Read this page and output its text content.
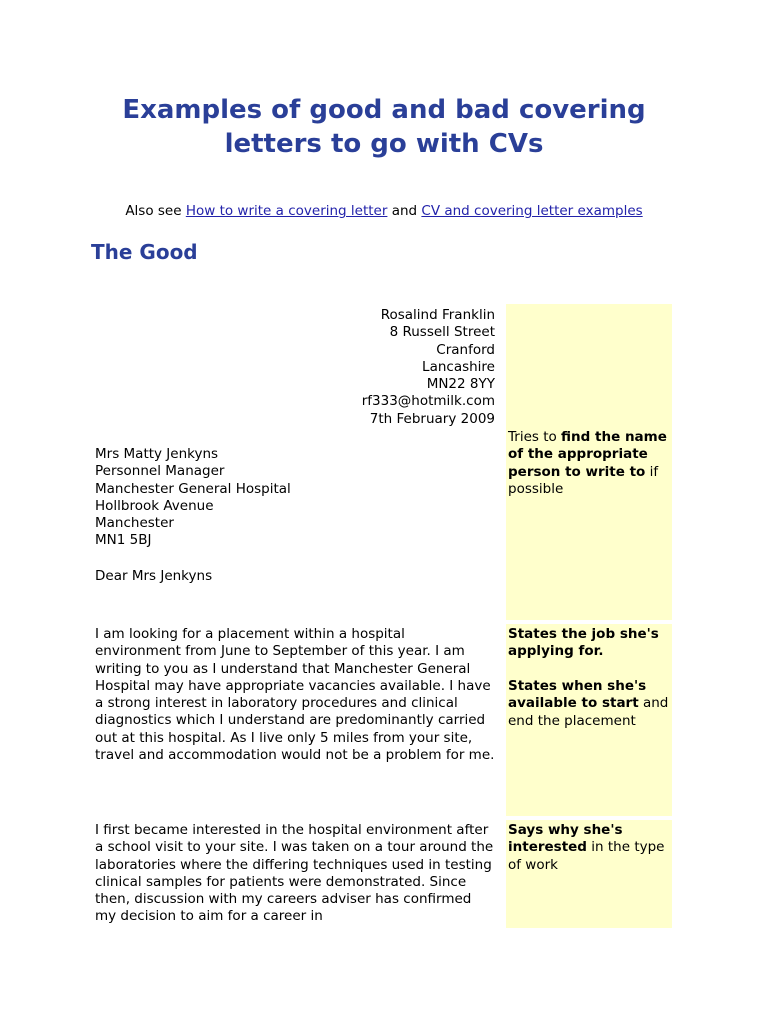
Examples of good and bad covering
letters to go with CVs
Also see How to write a covering letter and CV and covering letter examples
The Good
Rosalind Franklin
8 Russell Street
Cranford
Lancashire
MN22 8YY
rf333@hotmilk.com
7th February 2009
Mrs Matty Jenkyns
Personnel Manager
Manchester General Hospital
Hollbrook Avenue
Manchester
MN1 5BJ
Dear Mrs Jenkyns

I am looking for a placement within a hospital environment from June to September of this year. I am writing to you as I understand that Manchester General Hospital may have appropriate vacancies available. I have a strong interest in laboratory procedures and clinical diagnostics which I understand are predominantly carried out at this hospital. As I live only 5 miles from your site, travel and accommodation would not be a problem for me.

I first became interested in the hospital environment after a school visit to your site. I was taken on a tour around the laboratories where the differing techniques used in testing clinical samples for patients were demonstrated. Since then, discussion with my careers adviser has confirmed my decision to aim for a career in

Tries to find the name of the appropriate person to write to if possible

States the job she's applying for.

States when she's available to start and end the placement

Says why she's interested in the type of work
